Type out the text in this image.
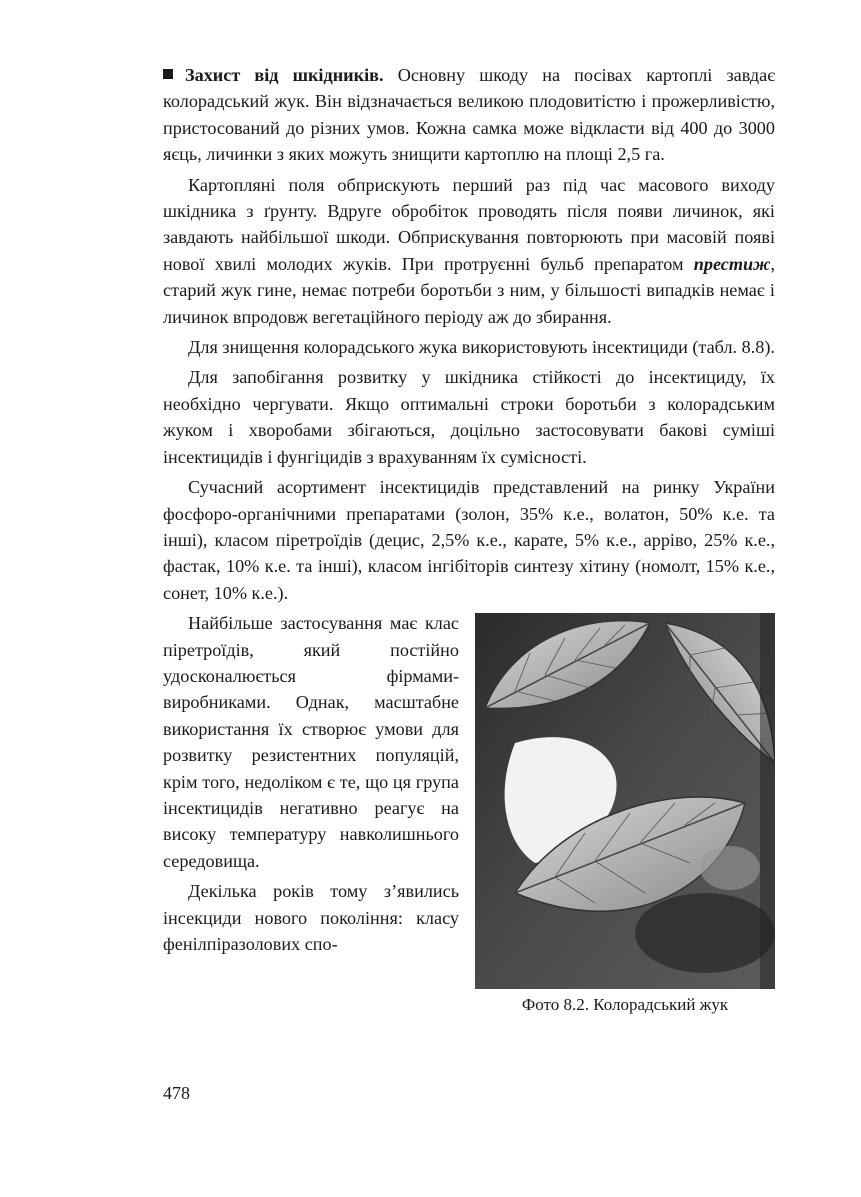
Захист від шкідників. Основну шкоду на посівах картоплі завдає колорадський жук. Він відзначається великою плодовитістю і прожерливістю, пристосований до різних умов. Кожна самка може відкласти від 400 до 3000 яєць, личинки з яких можуть знищити картоплю на площі 2,5 га.

Картопляні поля обприскують перший раз під час масового виходу шкідника з ґрунту. Вдруге обробіток проводять після появи личинок, які завдають найбільшої шкоди. Обприскування повторюють при масовій появі нової хвилі молодих жуків. При протруєнні бульб препаратом престиж, старий жук гине, немає потреби боротьби з ним, у більшості випадків немає і личинок впродовж вегетаційного періоду аж до збирання.

Для знищення колорадського жука використовують інсектициди (табл. 8.8).

Для запобігання розвитку у шкідника стійкості до інсектициду, їх необхідно чергувати. Якщо оптимальні строки боротьби з колорадським жуком і хворобами збігаються, доцільно застосовувати бакові суміші інсектицидів і фунгіцидів з врахуванням їх сумісності.

Сучасний асортимент інсектицидів представлений на ринку України фосфоро-органічними препаратами (золон, 35% к.е., волатон, 50% к.е. та інші), класом піретроїдів (децис, 2,5% к.е., карате, 5% к.е., арріво, 25% к.е., фастак, 10% к.е. та інші), класом інгібіторів синтезу хітину (номолт, 15% к.е., сонет, 10% к.е.).

Фото 8.2. Колорадський жук

Найбільше застосування має клас піретроїдів, який постійно удосконалюється фірмами-виробниками. Однак, масштабне використання їх створює умови для розвитку резистентних популяцій, крім того, недоліком є те, що ця група інсектицидів негативно реагує на високу температуру навколишнього середовища.

Декілька років тому з’явились інсекциди нового покоління: класу фенілпіразолових спо-

478
